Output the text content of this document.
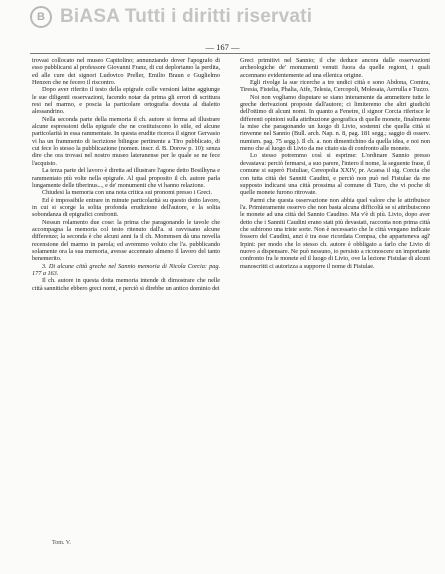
B BiASA Tutti i diritti riservati
— 167 —

trovasi collocato nel museo Capitolino; annunziando dover l'apografo di esso pubblicarsi al professore Giovanni Franz, di cui deploriamo la perdita, ed alle cure dei signori Ludovico Preller, Emilio Braun e Guglielmo Henzen che ne fecero il riscontro.

Dopo aver riferito il testo della epigrafe colle versioni latine aggiunge le sue diligenti osservazioni, facendo notar da prima gli errori di scrittura resi nel marmo, e poscia la particolare ortografia dovuta al dialetto alessandrino.

Nella seconda parte della memoria il ch. autore si ferma ad illustrare alcune espressioni della epigrafe che ne costituiscono lo stile, ed alcune particolarità in essa rammentate. In questa erudite ricerca il signor Gervasio vi ha un frammento di iscrizione bilingue pertinente a Tiro pubblicato, di cui fece lo stesso la pubblicazione (nomen. inscr. d. B. Dorow p. 10): senza dire che ora trovasi nel nostro museo lateranense per le quale se ne fece l'acquisto.

La terza parte del lavoro è diretta ad illustrare l'agone detto Bosilhyna e rammentato più volte nella epigrafe. Al qual proposito il ch. autore parla lungamente delle tiberinus..., e de' monumenti che vi hanno relazione.

Chiudesi la memoria con una nota critica sui pronomi presso i Greci.

Ed è impossibile entrare in minute particolarità su questo dotto lavoro, in cui si scorge la solita profonda erudizione dell'autore, e la solita sobondanza di epigrafici confronti.

Nessun rolamento due cose: la prima che paragonando le tavole che accompagna la memoria col testo ritenuto dall'a. si ravvisano alcune differenze; la seconda è che alcuni anni fa il ch. Mommsen dà una novella recensione del marmo in parola; ed avremmo voluto che l'a. pubblicando solamente ora la sua memoria, avesse accennato almeno il lavoro del tanto benemerito.

3. Di alcune città greche nel Sannio memoria di Nicola Corcia: pag. 177 a 163.

Il ch. autore in questa dotta memoria intende di dimostrare che nelle città sannitiche ebbero greci nomi, e perciò si direbbe un antico dominio dei

Greci primitivi nel Sannio; il che deduce ancora dalle osservazioni archeologiche de' monumenti venuti fuora da quelle regioni, i quali accennano evidentemente ad una ellenica origine.

Egli rivolge la sue ricerche a tre undici città e sono Abdona, Comtra, Tiresia, Fistelia, Phalia, Atfe, Telesia, Cercopoli, Molesaia, Aerrulla e Tuzzo.

Noi non vogliamo disputare se siano interamente da ammettere tutte le greche derivazioni proposte dall'autore; ci limiteremo che altri giudichi dell'ottimo di alcuni nomi. In quanto a Fenetre, il signor Corcia riferisce le differenti opinioni sulla attribuzione geografica di quelle monete, finalmente la mise che paragonando un luogo di Livio, sostenni che quella città si rinvenne nel Sannio (Bull. arch. Nap. n. 8, pag. 181 segg.; saggio di osserv. numism. pag. 75 segg.). Il ch. a. non dimentichino da quella idea, e noi non meno che al luogo di Livio da me citato sia di confronto alle monete.

Lo stesso potremmo così si esprime: L'ordinare Sannio presso devastava: perciò fermarsi, a suo parere, l'intero il nome, la seguente frase, il comune si superò Fistuliae, Cereopolia XXIV, pr. Acaesa il sig. Corcia che con tutta città dei Sanniti Caudini, e perciò non può nel Fistulae da me supposto indicarsi una città prossima al comune di Turo, che vi poche di quelle monete furono ritrovate.

Parmi che questa osservazione non abbia quel valore che le attribuisce l'a. Primieramente osservo che non basta alcuna difficoltà se si attribuiscono le monete ad una città del Sannio Caudino. Ma v'è di più. Livio, dopo aver detto che i Sanniti Caudini erano stati più devastati, racconta non prima città che subirono una triste sorte. Non è necessario che le città vengano indicate fossero del Caudini, anzi è tra esse ricordata Compsa, che apparteneva agl' Irpini: per modo che lo stesso ch. autore è obbligato a farlo che Livio di nuovo a dispensare. Ne può nessuno, io persisto a riconoscere un importante confronto fra le monete ed il luogo di Livio, ove la lezione Fistulae di alcuni manoscritti ci autorizza a supporre il nome di Fistulae.

Tom. V.
